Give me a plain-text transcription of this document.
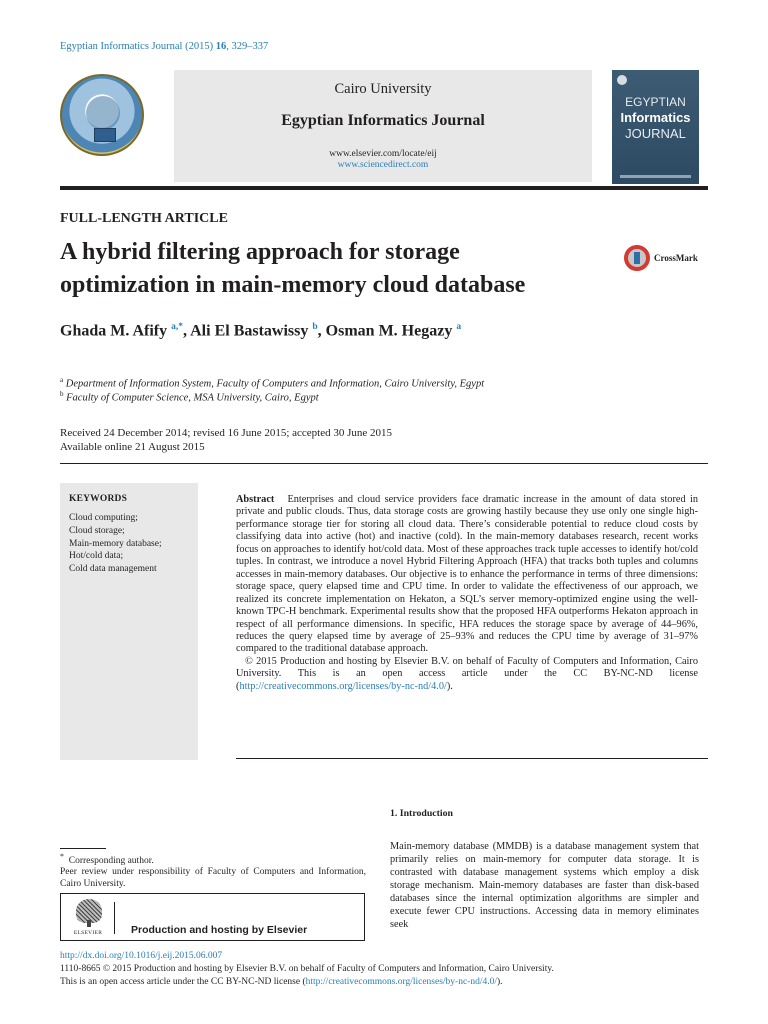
Egyptian Informatics Journal (2015) 16, 329–337
Cairo University
Egyptian Informatics Journal
www.elsevier.com/locate/eij
www.sciencedirect.com
EGYPTIAN
Informatics
JOURNAL
FULL-LENGTH ARTICLE
A hybrid filtering approach for storage
optimization in main-memory cloud database
CrossMark
Ghada M. Afify $^{a,*}$, Ali El Bastawissy $^b$, Osman M. Hegazy $^a$
$^a$ Department of Information System, Faculty of Computers and Information, Cairo University, Egypt
$^b$ Faculty of Computer Science, MSA University, Cairo, Egypt
Received 24 December 2014; revised 16 June 2015; accepted 30 June 2015
Available online 21 August 2015
KEYWORDS
Cloud computing;
Cloud storage;
Main-memory database;
Hot/cold data;
Cold data management

Abstract Enterprises and cloud service providers face dramatic increase in the amount of data stored in private and public clouds. Thus, data storage costs are growing hastily because they use only one single high-performance storage tier for storing all cloud data. There’s considerable potential to reduce cloud costs by classifying data into active (hot) and inactive (cold). In the main-memory databases research, recent works focus on approaches to identify hot/cold data. Most of these approaches track tuple accesses to identify hot/cold tuples. In contrast, we introduce a novel Hybrid Filtering Approach (HFA) that tracks both tuples and columns accesses in main-memory databases. Our objective is to enhance the performance in terms of three dimensions: storage space, query elapsed time and CPU time. In order to validate the effectiveness of our approach, we realized its concrete implementation on Hekaton, a SQL’s server memory-optimized engine using the well-known TPC-H benchmark. Experimental results show that the proposed HFA outperforms Hekaton approach in respect of all performance dimensions. In specific, HFA reduces the storage space by average of 44–96%, reduces the query elapsed time by average of 25–93% and reduces the CPU time by average of 31–97% compared to the traditional database approach.

© 2015 Production and hosting by Elsevier B.V. on behalf of Faculty of Computers and Information, Cairo University. This is an open access article under the CC BY-NC-ND license (http://creativecommons.org/licenses/by-nc-nd/4.0/).

1. Introduction

Main-memory database (MMDB) is a database management system that primarily relies on main-memory for computer data storage. It is contrasted with database management systems which employ a disk storage mechanism. Main-memory databases are faster than disk-based databases since the internal optimization algorithms are simpler and execute fewer CPU instructions. Accessing data in memory eliminates seek

* Corresponding author.

Peer review under responsibility of Faculty of Computers and Information, Cairo University.

ELSEVIER	Production and hosting by Elsevier
http://dx.doi.org/10.1016/j.eij.2015.06.007
1110-8665 © 2015 Production and hosting by Elsevier B.V. on behalf of Faculty of Computers and Information, Cairo University.
This is an open access article under the CC BY-NC-ND license (http://creativecommons.org/licenses/by-nc-nd/4.0/).
